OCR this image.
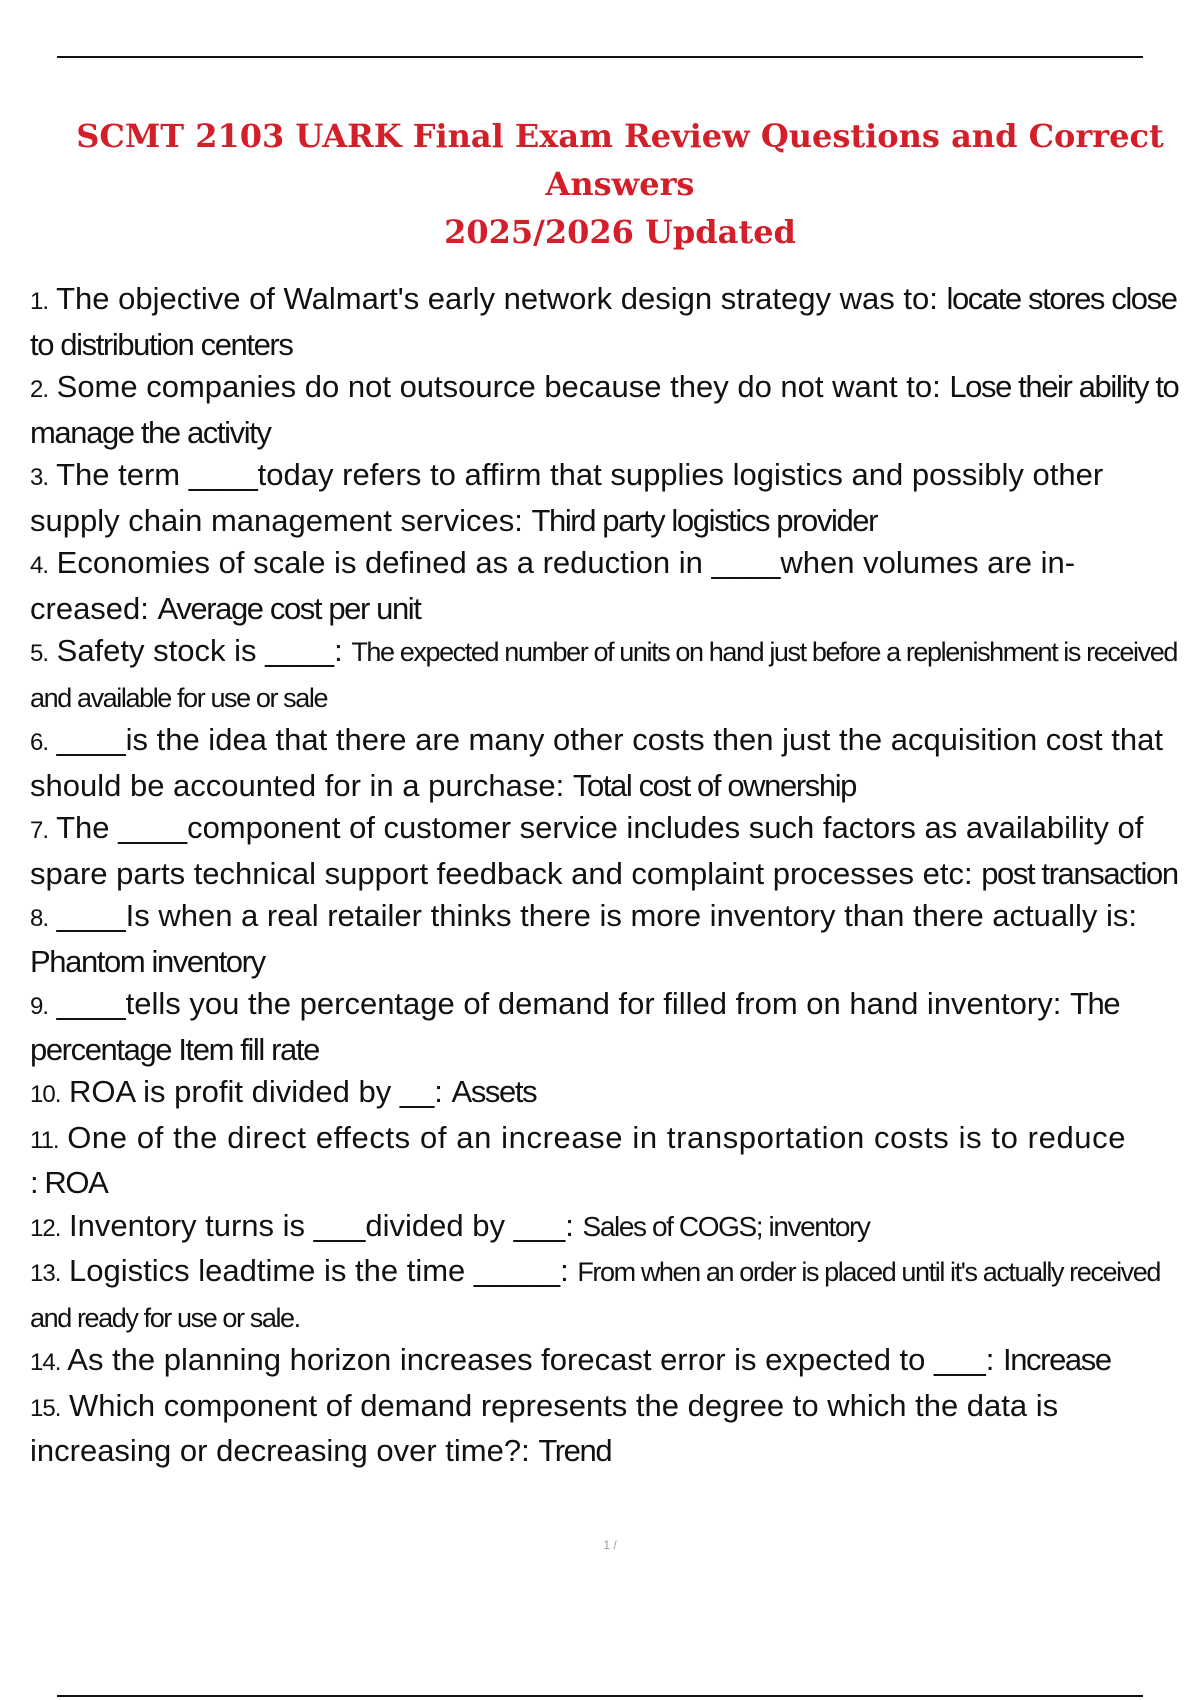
SCMT 2103 UARK Final Exam Review Questions and Correct Answers
2025/2026 Updated
1. The objective of Walmart's early network design strategy was to: locate stores close to distribution centers
2. Some companies do not outsource because they do not want to: Lose their ability to manage the activity
3. The term ____today refers to affirm that supplies logistics and possibly other supply chain management services: Third party logistics provider
4. Economies of scale is defined as a reduction in ____when volumes are in- creased: Average cost per unit
5. Safety stock is ____: The expected number of units on hand just before a replenishment is received and available for use or sale
6. ____is the idea that there are many other costs then just the acquisition cost that should be accounted for in a purchase: Total cost of ownership
7. The ____component of customer service includes such factors as availability of spare parts technical support feedback and complaint processes etc: post transaction
8. ____Is when a real retailer thinks there is more inventory than there actually is: Phantom inventory
9. ____tells you the percentage of demand for filled from on hand inventory: The percentage Item fill rate
10. ROA is profit divided by __: Assets
11. One of the direct effects of an increase in transportation costs is to reduce
: ROA
12. Inventory turns is ___divided by ___: Sales of COGS; inventory
13. Logistics leadtime is the time _____: From when an order is placed until it's actually received and ready for use or sale.
14. As the planning horizon increases forecast error is expected to ___: Increase
15. Which component of demand represents the degree to which the data is increasing or decreasing over time?: Trend
1 /
